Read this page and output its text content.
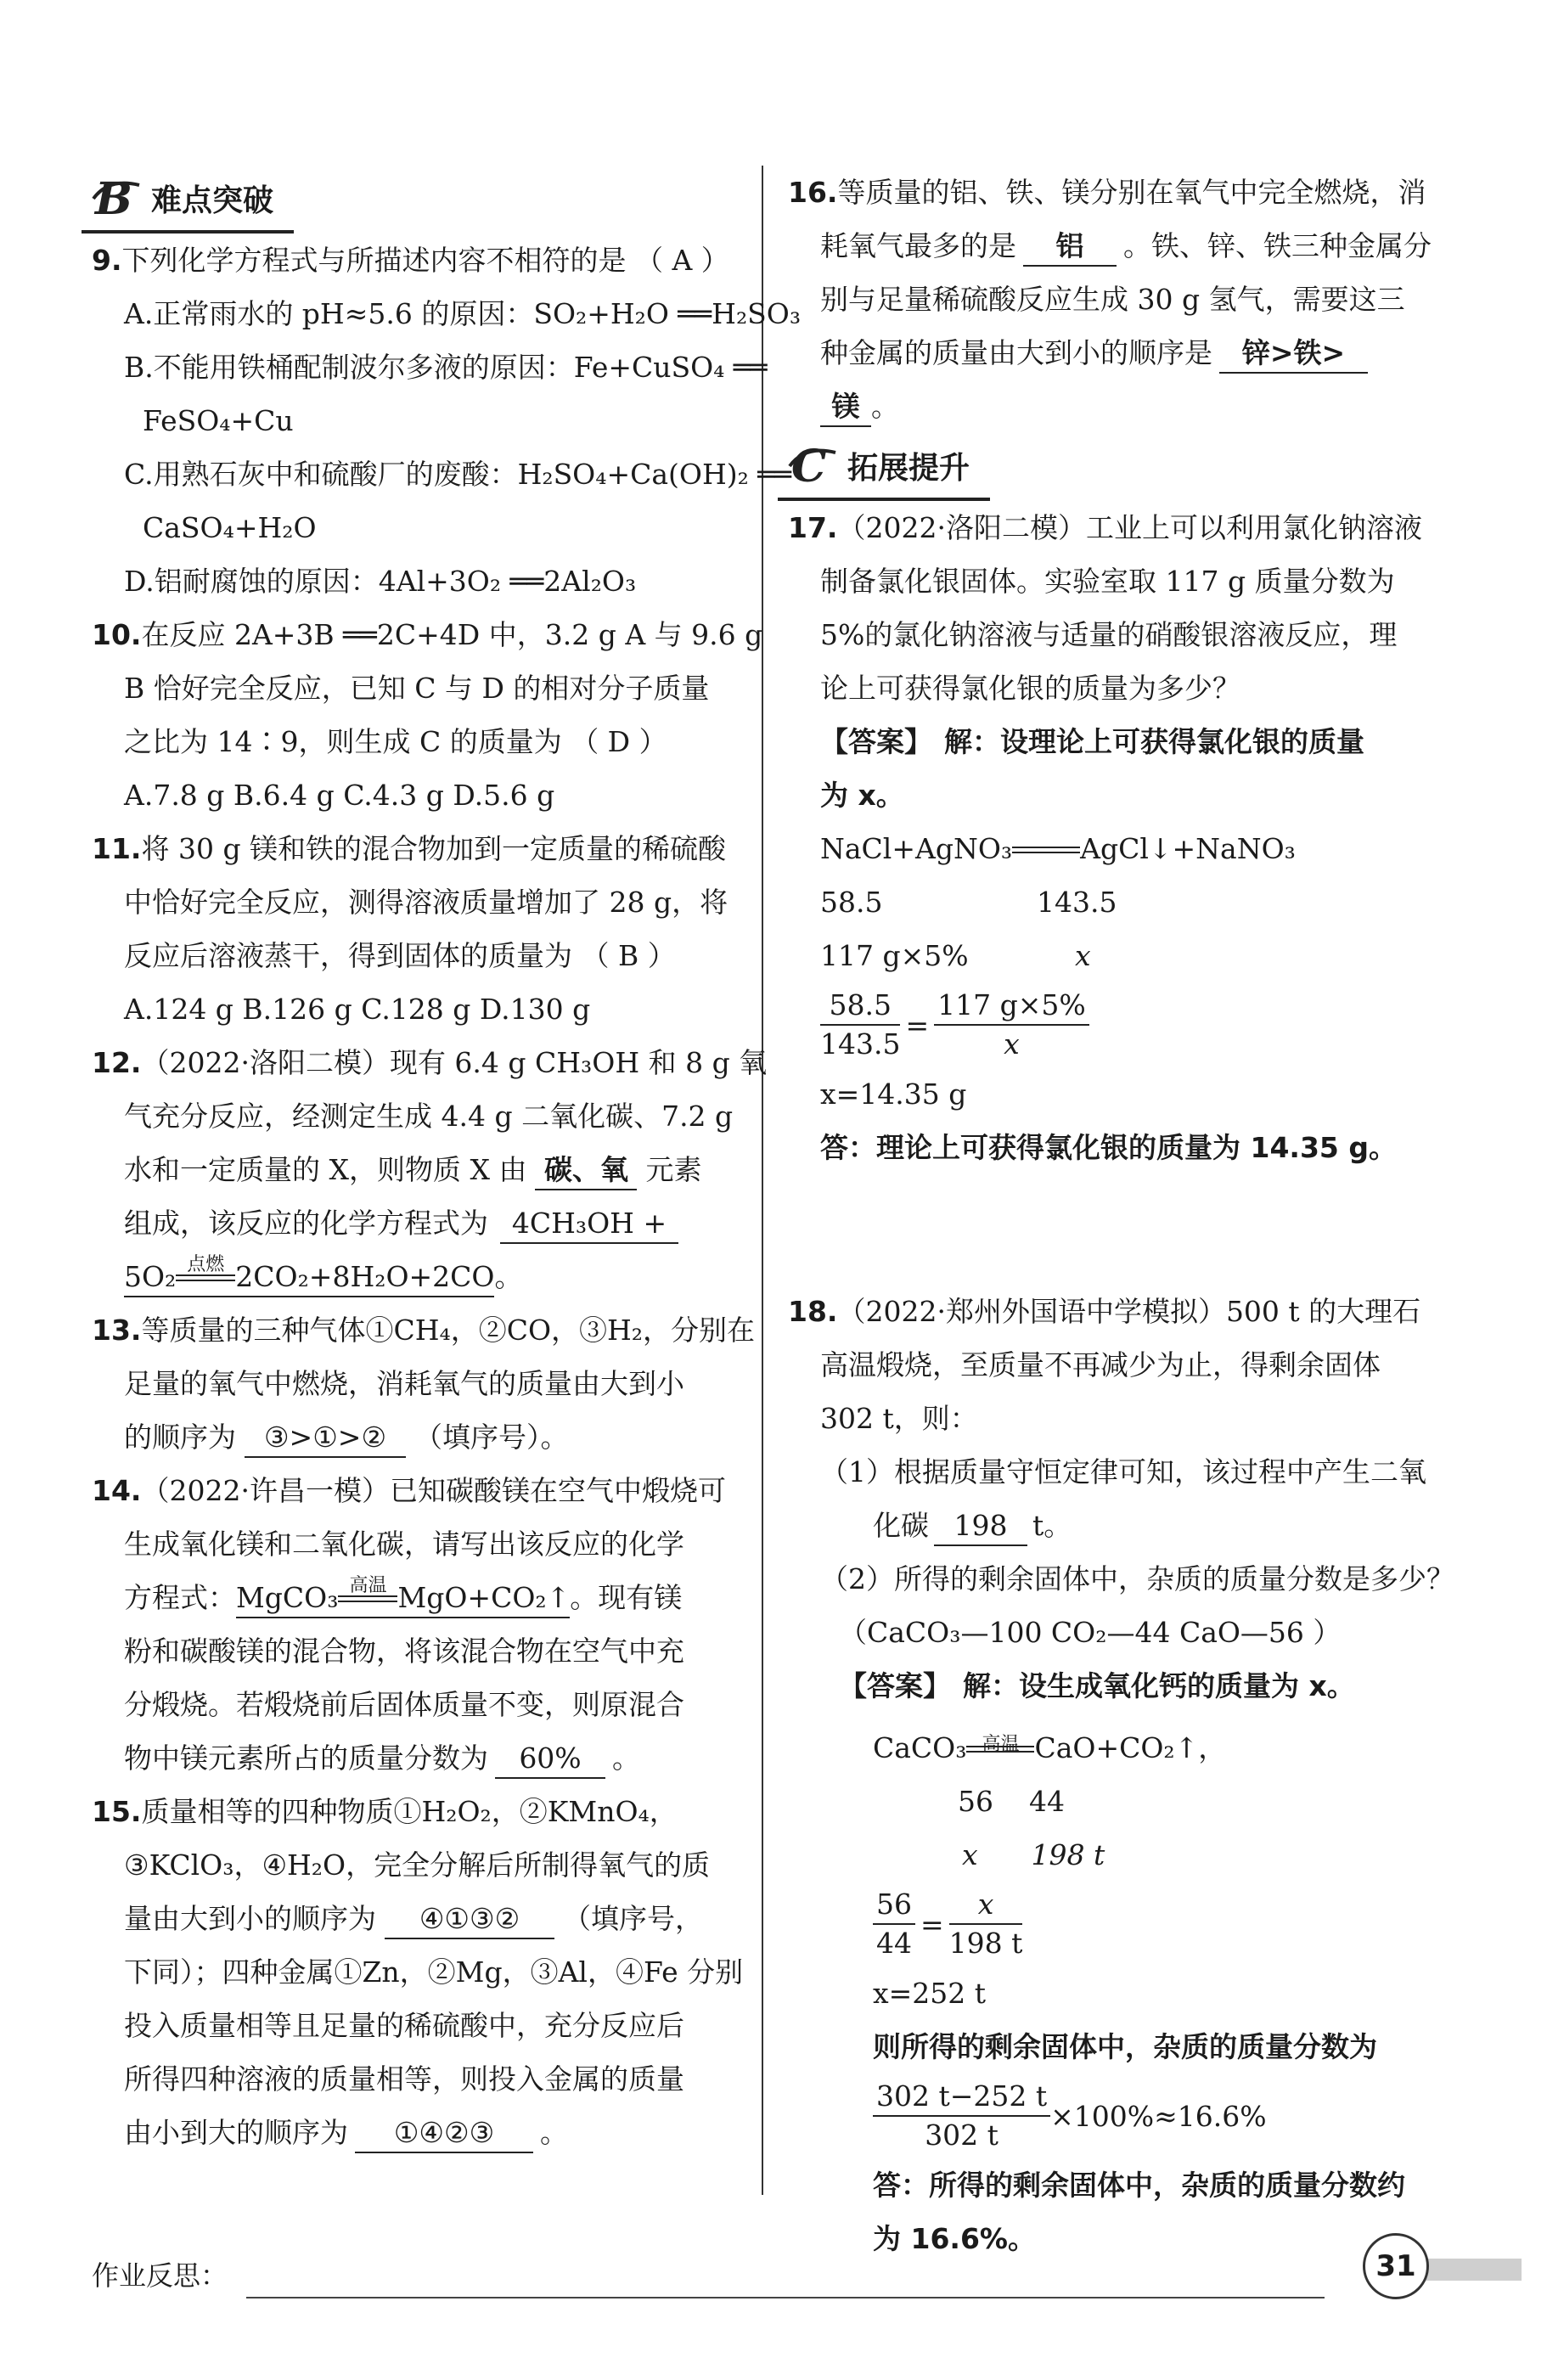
B 难点突破
9.下列化学方程式与所描述内容不相符的是 （ A ）
A.正常雨水的 pH≈5.6 的原因：SO₂+H₂O ══H₂SO₃
B.不能用铁桶配制波尔多液的原因：Fe+CuSO₄ ══
FeSO₄+Cu
C.用熟石灰中和硫酸厂的废酸：H₂SO₄+Ca(OH)₂ ══
CaSO₄+H₂O
D.铝耐腐蚀的原因：4Al+3O₂ ══2Al₂O₃
10.在反应 2A+3B ══2C+4D 中，3.2 g A 与 9.6 g
B 恰好完全反应，已知 C 与 D 的相对分子质量
之比为 14∶9，则生成 C 的质量为 （ D ）
A.7.8 g B.6.4 g C.4.3 g D.5.6 g
11.将 30 g 镁和铁的混合物加到一定质量的稀硫酸
中恰好完全反应，测得溶液质量增加了 28 g，将
反应后溶液蒸干，得到固体的质量为 （ B ）
A.124 g B.126 g C.128 g D.130 g
12.（2022·洛阳二模）现有 6.4 g CH₃OH 和 8 g 氧
气充分反应，经测定生成 4.4 g 二氧化碳、7.2 g
水和一定质量的 X，则物质 X 由 碳、氧 元素
组成，该反应的化学方程式为 4CH₃OH +
5O₂ 点燃 2CO₂+8H₂O+2CO。
13.等质量的三种气体①CH₄，②CO，③H₂，分别在
足量的氧气中燃烧，消耗氧气的质量由大到小
的顺序为 ③>①>② （填序号）。
14.（2022·许昌一模）已知碳酸镁在空气中煅烧可
生成氧化镁和二氧化碳，请写出该反应的化学
方程式：MgCO₃ 高温 MgO+CO₂↑。现有镁
粉和碳酸镁的混合物，将该混合物在空气中充
分煅烧。若煅烧前后固体质量不变，则原混合
物中镁元素所占的质量分数为 60% 。
15.质量相等的四种物质①H₂O₂，②KMnO₄，
③KClO₃，④H₂O，完全分解后所制得氧气的质
量由大到小的顺序为 ④①③② （填序号，
下同）；四种金属①Zn，②Mg，③Al，④Fe 分别
投入质量相等且足量的稀硫酸中，充分反应后
所得四种溶液的质量相等，则投入金属的质量
由小到大的顺序为 ①④②③ 。
16.等质量的铝、铁、镁分别在氧气中完全燃烧，消
耗氧气最多的是 铝 。铁、锌、铁三种金属分
别与足量稀硫酸反应生成 30 g 氢气，需要这三
种金属的质量由大到小的顺序是 锌>铁>
镁 。
C 拓展提升
17.（2022·洛阳二模）工业上可以利用氯化钠溶液
制备氯化银固体。实验室取 117 g 质量分数为
5%的氯化钠溶液与适量的硝酸银溶液反应，理
论上可获得氯化银的质量为多少？
【答案】 解：设理论上可获得氯化银的质量
为 x。
NaCl+AgNO₃ AgCl↓+NaNO₃
58.5	143.5
117 g×5%	x
$\frac{58.5}{143.5} = \frac{117 g\times 5\%}{x}$
x=14.35 g
答：理论上可获得氯化银的质量为 14.35 g。
18.（2022·郑州外国语中学模拟）500 t 的大理石
高温煅烧，至质量不再减少为止，得剩余固体
302 t，则：
（1）根据质量守恒定律可知，该过程中产生二氧
化碳 198 t。
（2）所得的剩余固体中，杂质的质量分数是多少？
（CaCO₃—100 CO₂—44 CaO—56 ）
【答案】 解：设生成氧化钙的质量为 x。
CaCO₃ 高温 CaO+CO₂↑，
56    44
x      198 t
$\frac{56}{44} = \frac{x}{198 t}$
x=252 t
则所得的剩余固体中，杂质的质量分数为
$\frac{302 t-252 t}{302 t} \times 100\%\approx 16.6\%$
答：所得的剩余固体中，杂质的质量分数约
为 16.6%。
作业反思：	31
